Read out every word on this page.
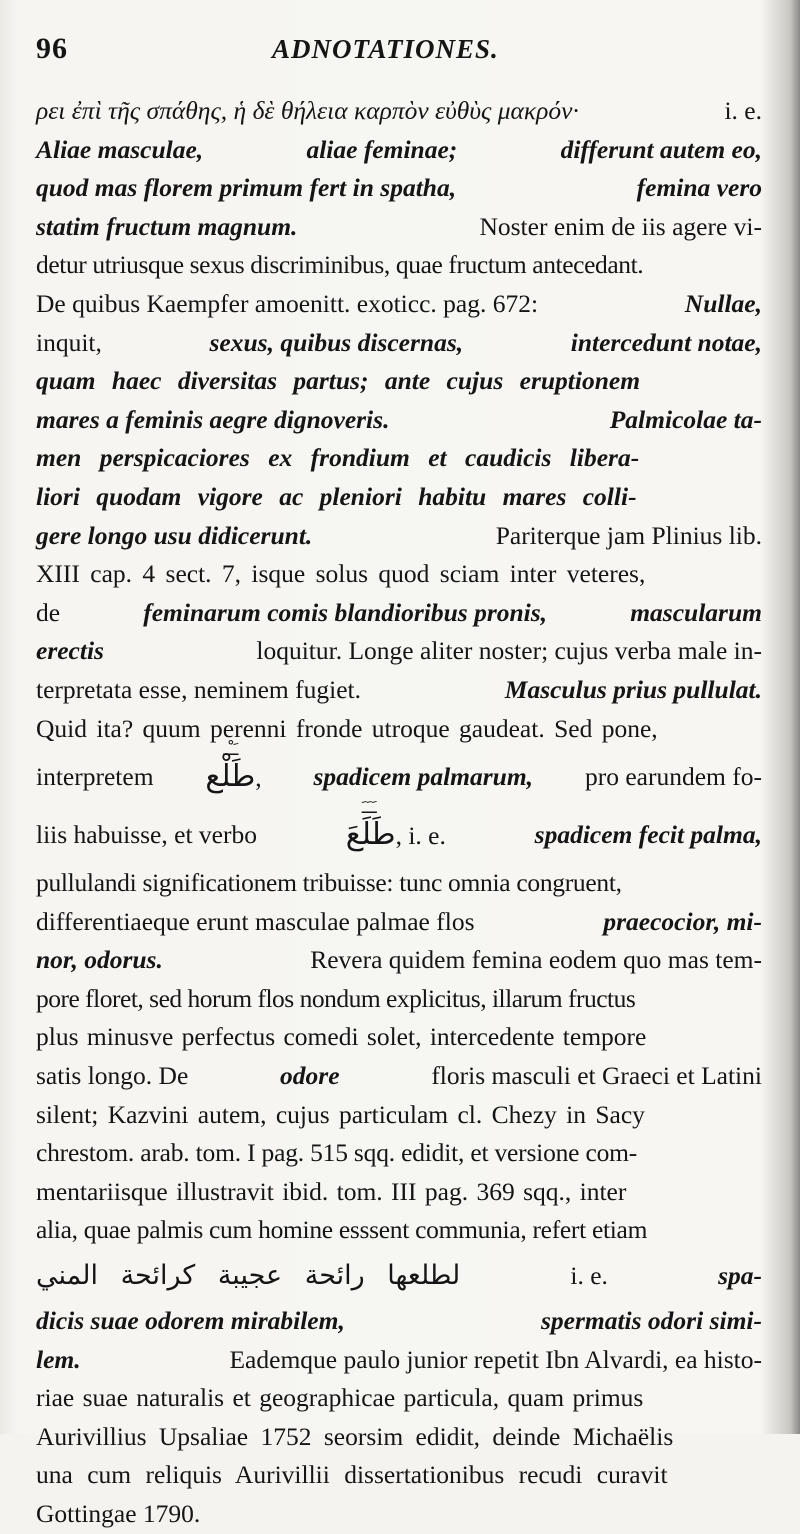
96	ADNOTATIONES.
ρει ἐπὶ τῆς σπάθης, ἡ δὲ θήλεια καρπὸν εὐθὺς μακρόν·	i. e.
Aliae masculae,	aliae feminae;	differunt autem eo,
quod mas florem primum fert in spatha,	femina vero
statim fructum magnum.	Noster enim de iis agere vi-
detur utriusque sexus discriminibus, quae fructum antecedant.
De quibus Kaempfer amoenitt. exoticc. pag. 672:	Nullae,
inquit,	sexus, quibus discernas,	intercedunt notae,
quam haec diversitas partus; ante cujus eruptionem
mares a feminis aegre dignoveris.	Palmicolae ta-
men perspicaciores ex frondium et caudicis libera-
liori quodam vigore ac pleniori habitu mares colli-
gere longo usu didicerunt.	Pariterque jam Plinius lib.
XIII cap. 4 sect. 7, isque solus quod sciam inter veteres,
de	feminarum comis blandioribus pronis,	mascularum
erectis	loquitur. Longe aliter noster; cujus verba male in-
terpretata esse, neminem fugiet.	Masculus prius pullulat.
Quid ita? quum perenni fronde utroque gaudeat. Sed pone,
interpretem
ـَـْـ
طَلْع, spadicem palmarum, pro earundem fo-
liis habuisse, et verbo
ـَـَـَ
طَلَعَ, i. e.	spadicem fecit palma,
pullulandi significationem tribuisse: tunc omnia congruent,
differentiaeque erunt masculae palmae flos	praecocior, mi-
nor, odorus.	Revera quidem femina eodem quo mas tem-
pore floret, sed horum flos nondum explicitus, illarum fructus
plus minusve perfectus comedi solet, intercedente tempore
satis longo. De	odore	floris masculi et Graeci et Latini
silent; Kazvini autem, cujus particulam cl. Chezy in Sacy
chrestom. arab. tom. I pag. 515 sqq. edidit, et versione com-
mentariisque illustravit ibid. tom. III pag. 369 sqq., inter
alia, quae palmis cum homine esssent communia, refert etiam
لطلعها رائحة عجيبة كرائحة المني	i. e.	spa-
dicis suae odorem mirabilem,	spermatis odori simi-
lem.	Eademque paulo junior repetit Ibn Alvardi, ea histo-
riae suae naturalis et geographicae particula, quam primus
Aurivillius Upsaliae 1752 seorsim edidit, deinde Michaëlis
una cum reliquis Aurivillii dissertationibus recudi curavit
Gottingae 1790.
